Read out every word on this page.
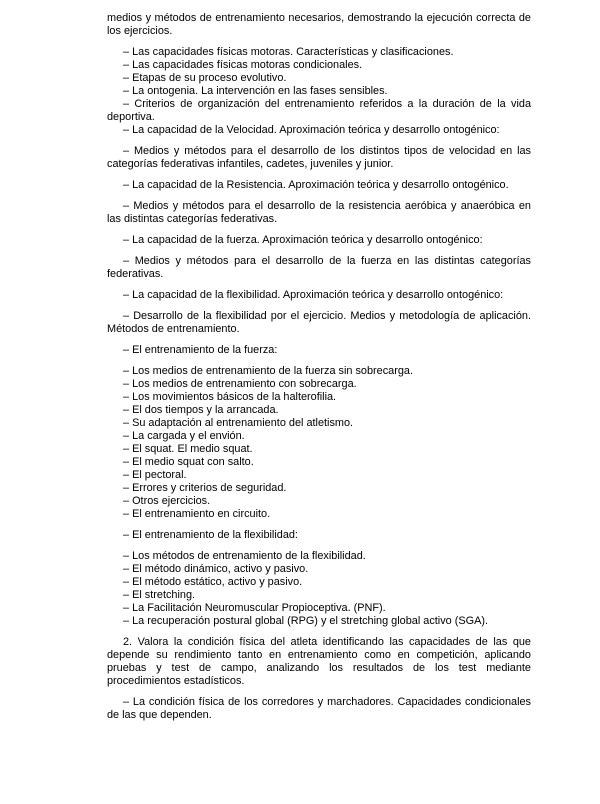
medios y métodos de entrenamiento necesarios, demostrando la ejecución correcta de los ejercicios.

– Las capacidades físicas motoras. Características y clasificaciones.

– Las capacidades físicas motoras condicionales.

– Etapas de su proceso evolutivo.

– La ontogenia. La intervención en las fases sensibles.

– Criterios de organización del entrenamiento referidos a la duración de la vida deportiva.

– La capacidad de la Velocidad. Aproximación teórica y desarrollo ontogénico:

– Medios y métodos para el desarrollo de los distintos tipos de velocidad en las categorías federativas infantiles, cadetes, juveniles y junior.

– La capacidad de la Resistencia. Aproximación teórica y desarrollo ontogénico.

– Medios y métodos para el desarrollo de la resistencia aeróbica y anaeróbica en las distintas categorías federativas.

– La capacidad de la fuerza. Aproximación teórica y desarrollo ontogénico:

– Medios y métodos para el desarrollo de la fuerza en las distintas categorías federativas.

– La capacidad de la flexibilidad. Aproximación teórica y desarrollo ontogénico:

– Desarrollo de la flexibilidad por el ejercicio. Medios y metodología de aplicación. Métodos de entrenamiento.

– El entrenamiento de la fuerza:

– Los medios de entrenamiento de la fuerza sin sobrecarga.

– Los medios de entrenamiento con sobrecarga.

– Los movimientos básicos de la halterofilia.

– El dos tiempos y la arrancada.

– Su adaptación al entrenamiento del atletismo.

– La cargada y el envión.

– El squat. El medio squat.

– El medio squat con salto.

– El pectoral.

– Errores y criterios de seguridad.

– Otros ejercicios.

– El entrenamiento en circuito.

– El entrenamiento de la flexibilidad:

– Los métodos de entrenamiento de la flexibilidad.

– El método dinámico, activo y pasivo.

– El método estático, activo y pasivo.

– El stretching.

– La Facilitación Neuromuscular Propioceptiva. (PNF).

– La recuperación postural global (RPG) y el stretching global activo (SGA).

2. Valora la condición física del atleta identificando las capacidades de las que depende su rendimiento tanto en entrenamiento como en competición, aplicando pruebas y test de campo, analizando los resultados de los test mediante procedimientos estadísticos.

– La condición física de los corredores y marchadores. Capacidades condicionales de las que dependen.
